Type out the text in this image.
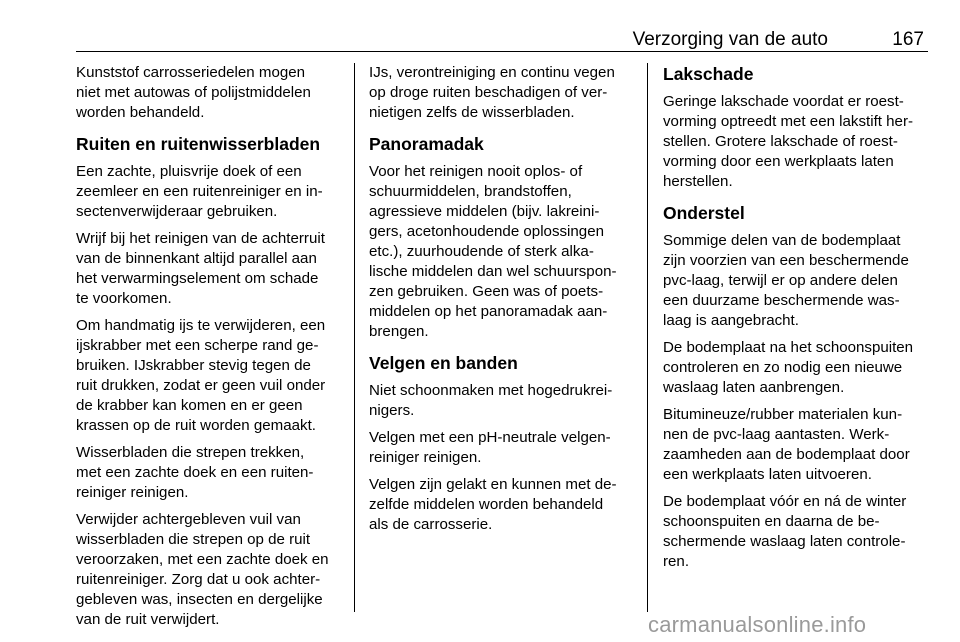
Verzorging van de auto	167

Kunststof carrosseriedelen mogen
niet met autowas of polijstmiddelen
worden behandeld.

Ruiten en ruitenwisserbladen

Een zachte, pluisvrije doek of een
zeemleer en een ruitenreiniger en in-
sectenverwijderaar gebruiken.

Wrijf bij het reinigen van de achterruit
van de binnenkant altijd parallel aan
het verwarmingselement om schade
te voorkomen.

Om handmatig ijs te verwijderen, een
ijskrabber met een scherpe rand ge-
bruiken. IJskrabber stevig tegen de
ruit drukken, zodat er geen vuil onder
de krabber kan komen en er geen
krassen op de ruit worden gemaakt.

Wisserbladen die strepen trekken,
met een zachte doek en een ruiten-
reiniger reinigen.

Verwijder achtergebleven vuil van
wisserbladen die strepen op de ruit
veroorzaken, met een zachte doek en
ruitenreiniger. Zorg dat u ook achter-
gebleven was, insecten en dergelijke
van de ruit verwijdert.

IJs, verontreiniging en continu vegen
op droge ruiten beschadigen of ver-
nietigen zelfs de wisserbladen.

Panoramadak

Voor het reinigen nooit oplos- of
schuurmiddelen, brandstoffen,
agressieve middelen (bijv. lakreini-
gers, acetonhoudende oplossingen
etc.), zuurhoudende of sterk alka-
lische middelen dan wel schuurspon-
zen gebruiken. Geen was of poets-
middelen op het panoramadak aan-
brengen.

Velgen en banden

Niet schoonmaken met hogedrukrei-
nigers.

Velgen met een pH-neutrale velgen-
reiniger reinigen.

Velgen zijn gelakt en kunnen met de-
zelfde middelen worden behandeld
als de carrosserie.

Lakschade

Geringe lakschade voordat er roest-
vorming optreedt met een lakstift her-
stellen. Grotere lakschade of roest-
vorming door een werkplaats laten
herstellen.

Onderstel

Sommige delen van de bodemplaat
zijn voorzien van een beschermende
pvc-laag, terwijl er op andere delen
een duurzame beschermende was-
laag is aangebracht.

De bodemplaat na het schoonspuiten
controleren en zo nodig een nieuwe
waslaag laten aanbrengen.

Bitumineuze/rubber materialen kun-
nen de pvc-laag aantasten. Werk-
zaamheden aan de bodemplaat door
een werkplaats laten uitvoeren.

De bodemplaat vóór en ná de winter
schoonspuiten en daarna de be-
schermende waslaag laten controle-
ren.

carmanualsonline.info
